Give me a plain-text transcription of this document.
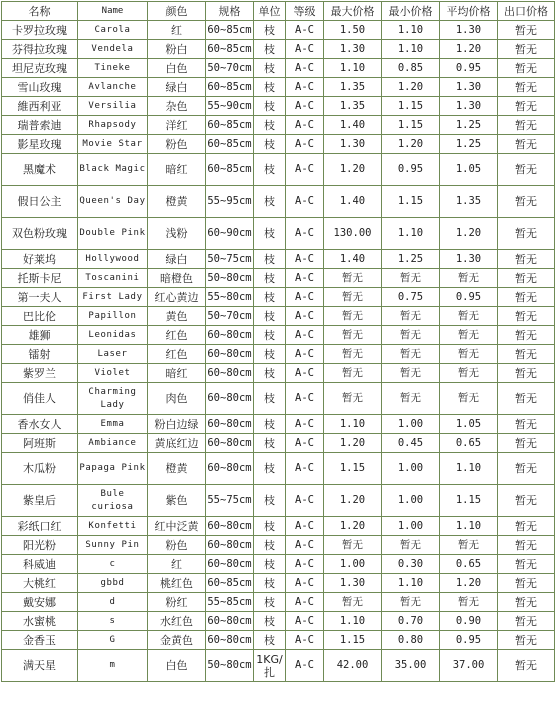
名称	Name	颜色	规格	单位	等级	最大价格	最小价格	平均价格	出口价格
卡罗拉玫瑰	Carola	红	60~85cm	枝	A-C	1.50	1.10	1.30	暂无
芬得拉玫瑰	Vendela	粉白	60~85cm	枝	A-C	1.30	1.10	1.20	暂无
坦尼克玫瑰	Tineke	白色	50~70cm	枝	A-C	1.10	0.85	0.95	暂无
雪山玫瑰	Avlanche	绿白	60~85cm	枝	A-C	1.35	1.20	1.30	暂无
維西利亚	Versilia	杂色	55~90cm	枝	A-C	1.35	1.15	1.30	暂无
瑞普索迪	Rhapsody	洋红	60~85cm	枝	A-C	1.40	1.15	1.25	暂无
影星玫瑰	Movie Star	粉色	60~85cm	枝	A-C	1.30	1.20	1.25	暂无
黑魔术	Black Magic	暗红	60~85cm	枝	A-C	1.20	0.95	1.05	暂无
假日公主	Queen's Day	橙黄	55~95cm	枝	A-C	1.40	1.15	1.35	暂无
双色粉玫瑰	Double Pink	浅粉	60~90cm	枝	A-C	130.00	1.10	1.20	暂无
好莱坞	Hollywood	绿白	50~75cm	枝	A-C	1.40	1.25	1.30	暂无
托斯卡尼	Toscanini	暗橙色	50~80cm	枝	A-C	暂无	暂无	暂无	暂无
第一夫人	First Lady	红心黄边	55~80cm	枝	A-C	暂无	0.75	0.95	暂无
巴比伦	Papillon	黄色	50~70cm	枝	A-C	暂无	暂无	暂无	暂无
雄狮	Leonidas	红色	60~80cm	枝	A-C	暂无	暂无	暂无	暂无
镭射	Laser	红色	60~80cm	枝	A-C	暂无	暂无	暂无	暂无
紫罗兰	Violet	暗红	60~80cm	枝	A-C	暂无	暂无	暂无	暂无
俏佳人	Charming Lady	肉色	60~80cm	枝	A-C	暂无	暂无	暂无	暂无
香水女人	Emma	粉白边绿	60~80cm	枝	A-C	1.10	1.00	1.05	暂无
阿班斯	Ambiance	黄底红边	60~80cm	枝	A-C	1.20	0.45	0.65	暂无
木瓜粉	Papaga Pink	橙黄	60~80cm	枝	A-C	1.15	1.00	1.10	暂无
紫皇后	Bule curiosa	紫色	55~75cm	枝	A-C	1.20	1.00	1.15	暂无
彩纸口红	Konfetti	红中泛黄	60~80cm	枝	A-C	1.20	1.00	1.10	暂无
阳光粉	Sunny Pin	粉色	60~80cm	枝	A-C	暂无	暂无	暂无	暂无
科威迪	c	红	60~80cm	枝	A-C	1.00	0.30	0.65	暂无
大桃红	gbbd	桃红色	60~85cm	枝	A-C	1.30	1.10	1.20	暂无
戴安娜	d	粉红	55~85cm	枝	A-C	暂无	暂无	暂无	暂无
水蜜桃	s	水红色	60~80cm	枝	A-C	1.10	0.70	0.90	暂无
金香玉	G	金黄色	60~80cm	枝	A-C	1.15	0.80	0.95	暂无
满天星	m	白色	50~80cm	1KG/扎	A-C	42.00	35.00	37.00	暂无
